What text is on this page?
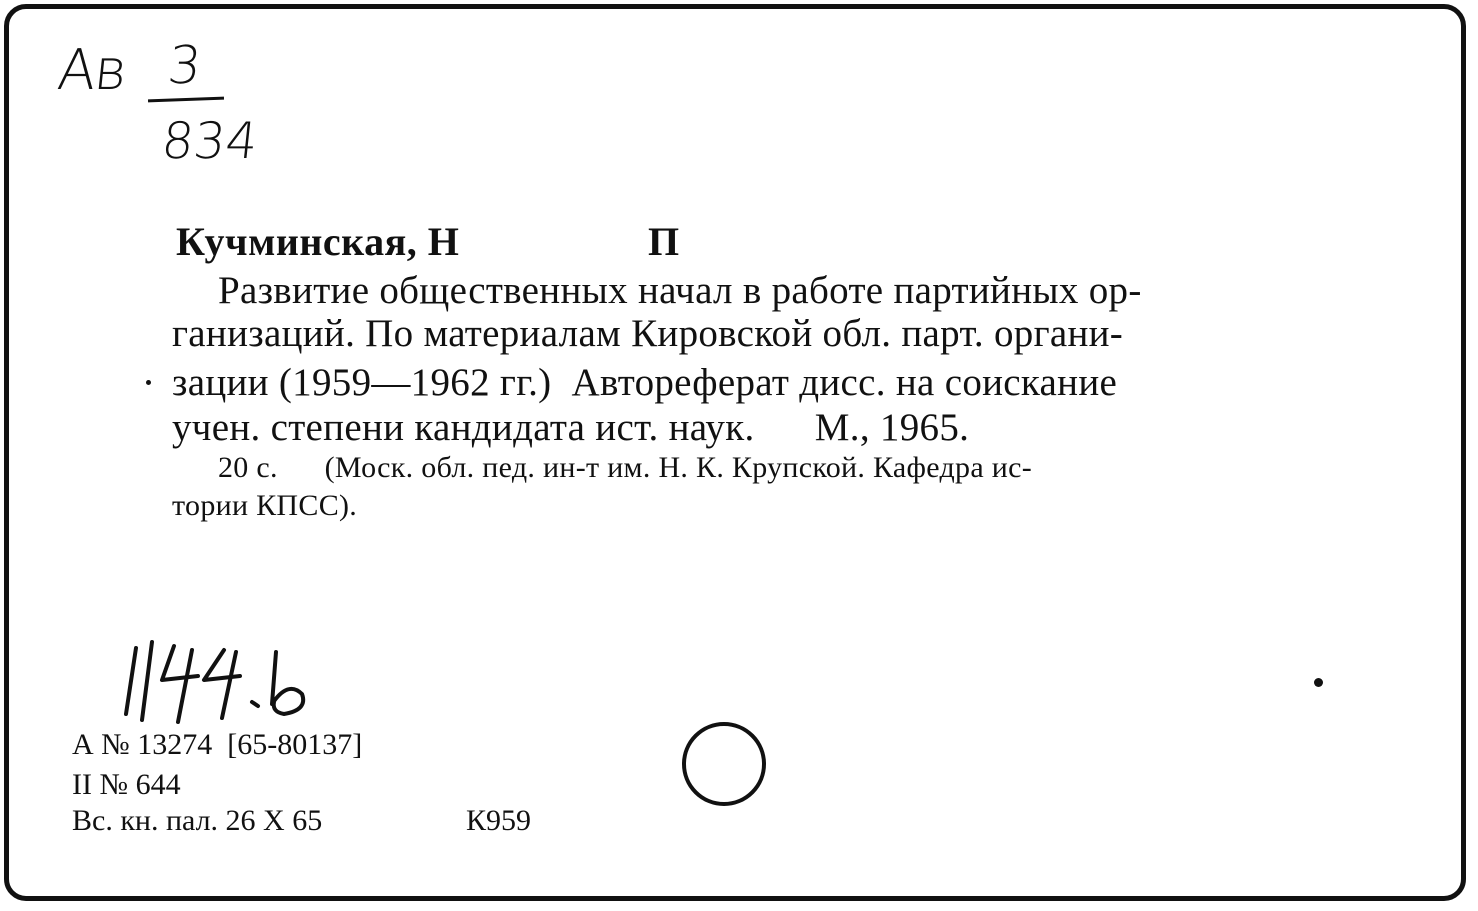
Ав 3
834
Кучминская, Н	П
Развитие общественных начал в работе партийных ор-
ганизаций. По материалам Кировской обл. парт. органи-
зации (1959—1962 гг.)  Автореферат дисс. на соискание
учен. степени кандидата ист. наук.      М., 1965.
20 с.      (Моск. обл. пед. ин-т им. Н. К. Крупской. Кафедра ис-
тории КПСС).
А № 13274  [65-80137]
II № 644
Вс. кн. пал. 26 X 65	К959
